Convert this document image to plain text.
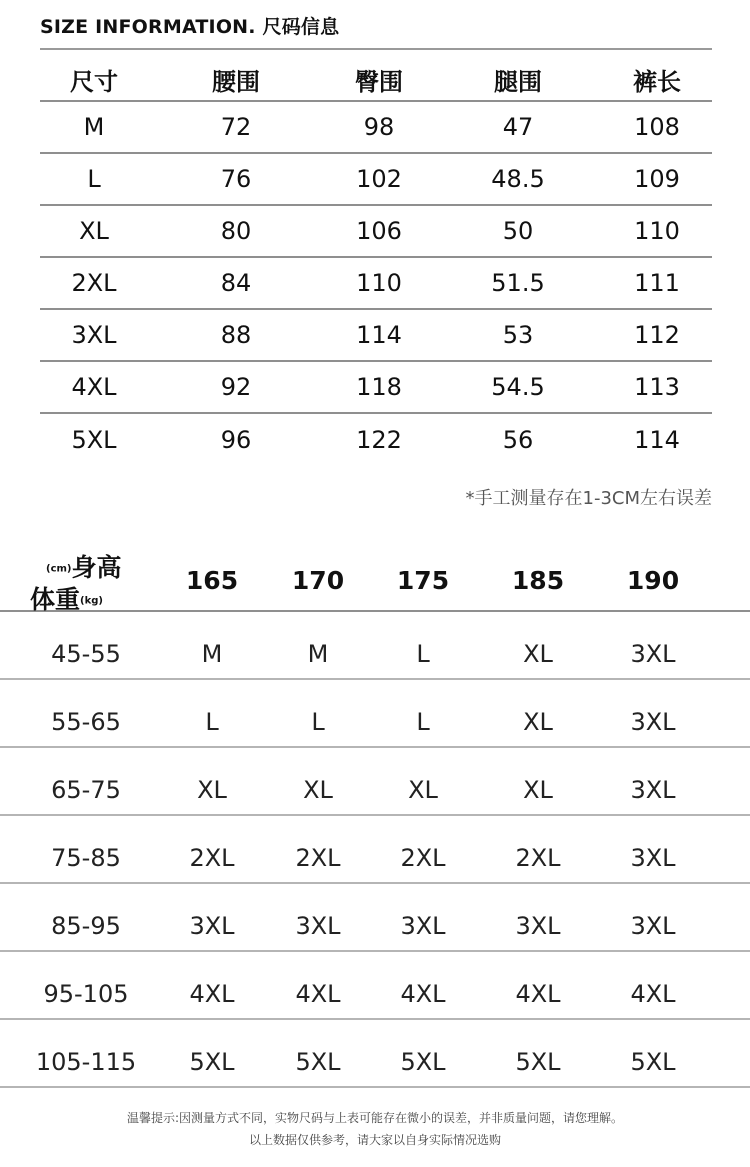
SIZE INFORMATION. 尺码信息
尺寸	腰围	臀围	腿围	裤长
M	72	98	47	108
L	76	102	48.5	109
XL	80	106	50	110
2XL	84	110	51.5	111
3XL	88	114	53	112
4XL	92	118	54.5	113
5XL	96	122	56	114
*手工测量存在1-3CM左右误差
(cm)身高
体重(kg)
165	170	175	185	190
45-55	M	M	L	XL	3XL
55-65	L	L	L	XL	3XL
65-75	XL	XL	XL	XL	3XL
75-85	2XL	2XL	2XL	2XL	3XL
85-95	3XL	3XL	3XL	3XL	3XL
95-105	4XL	4XL	4XL	4XL	4XL
105-115	5XL	5XL	5XL	5XL	5XL
温馨提示:因测量方式不同，实物尺码与上表可能存在微小的误差，并非质量问题，请您理解。
以上数据仅供参考，请大家以自身实际情况选购
